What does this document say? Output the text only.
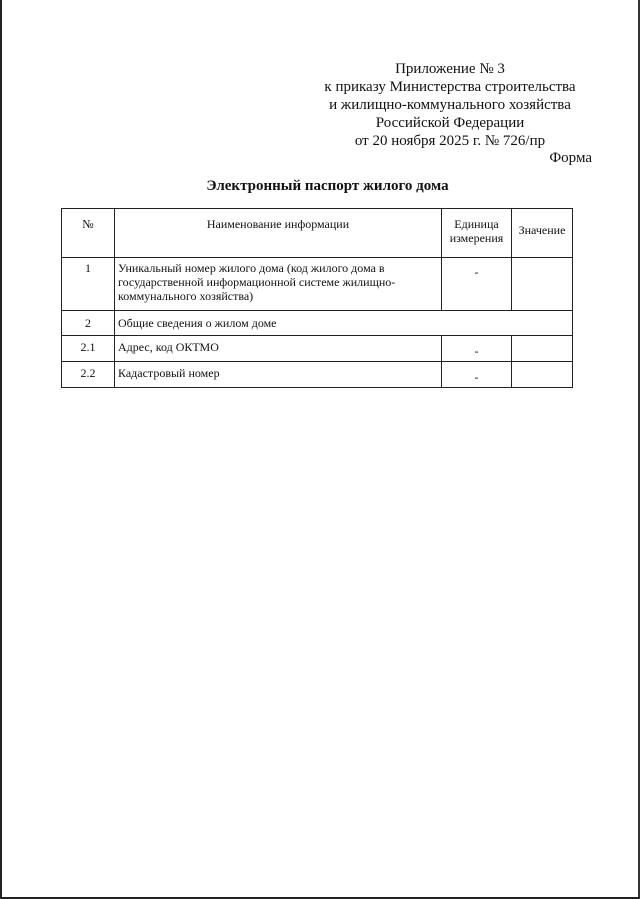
Приложение № 3
к приказу Министерства строительства
и жилищно-коммунального хозяйства
Российской Федерации
от 20 ноября 2025 г. № 726/пр
Форма
Электронный паспорт жилого дома
№	Наименование информации	Единица измерения	Значение
1	Уникальный номер жилого дома (код жилого дома в государственной информационной системе жилищно-коммунального хозяйства)	-	
2	Общие сведения о жилом доме		
2.1	Адрес, код ОКТМО	-	
2.2	Кадастровый номер	-	
